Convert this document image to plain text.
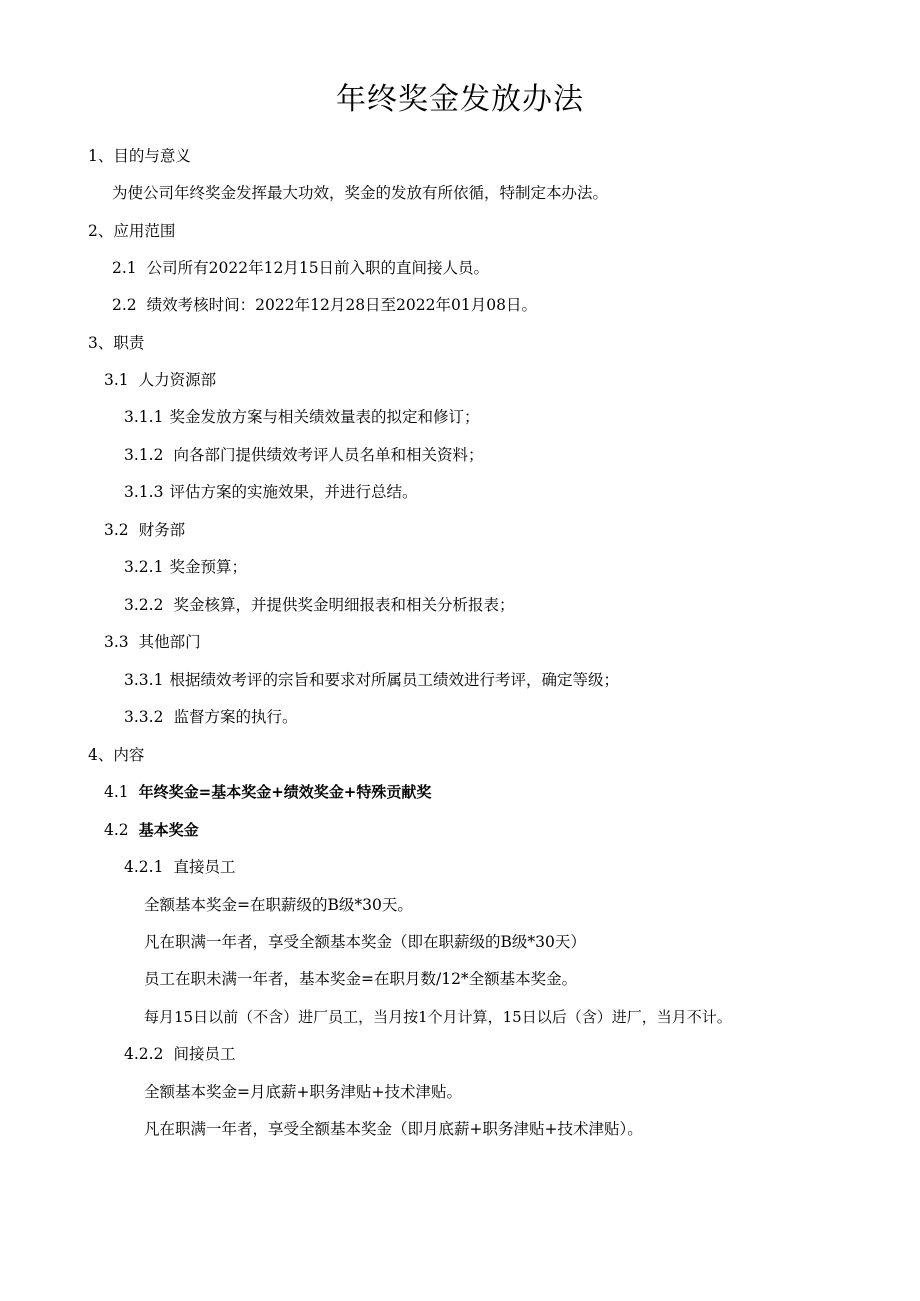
年终奖金发放办法
1、目的与意义
为使公司年终奖金发挥最大功效，奖金的发放有所依循，特制定本办法。
2、应用范围
2.1 公司所有2022年12月15日前入职的直间接人员。
2.2 绩效考核时间：2022年12月28日至2022年01月08日。
3、职责
3.1 人力资源部
3.1.1 奖金发放方案与相关绩效量表的拟定和修订；
3.1.2 向各部门提供绩效考评人员名单和相关资料；
3.1.3 评估方案的实施效果，并进行总结。
3.2 财务部
3.2.1 奖金预算；
3.2.2 奖金核算，并提供奖金明细报表和相关分析报表；
3.3 其他部门
3.3.1 根据绩效考评的宗旨和要求对所属员工绩效进行考评，确定等级；
3.3.2 监督方案的执行。
4、内容
4.1 年终奖金=基本奖金+绩效奖金+特殊贡献奖
4.2 基本奖金
4.2.1 直接员工
全额基本奖金=在职薪级的B级*30天。
凡在职满一年者，享受全额基本奖金（即在职薪级的B级*30天）
员工在职未满一年者，基本奖金=在职月数/12*全额基本奖金。
每月15日以前（不含）进厂员工，当月按1个月计算，15日以后（含）进厂，当月不计。
4.2.2 间接员工
全额基本奖金=月底薪+职务津贴+技术津贴。
凡在职满一年者，享受全额基本奖金（即月底薪+职务津贴+技术津贴）。
